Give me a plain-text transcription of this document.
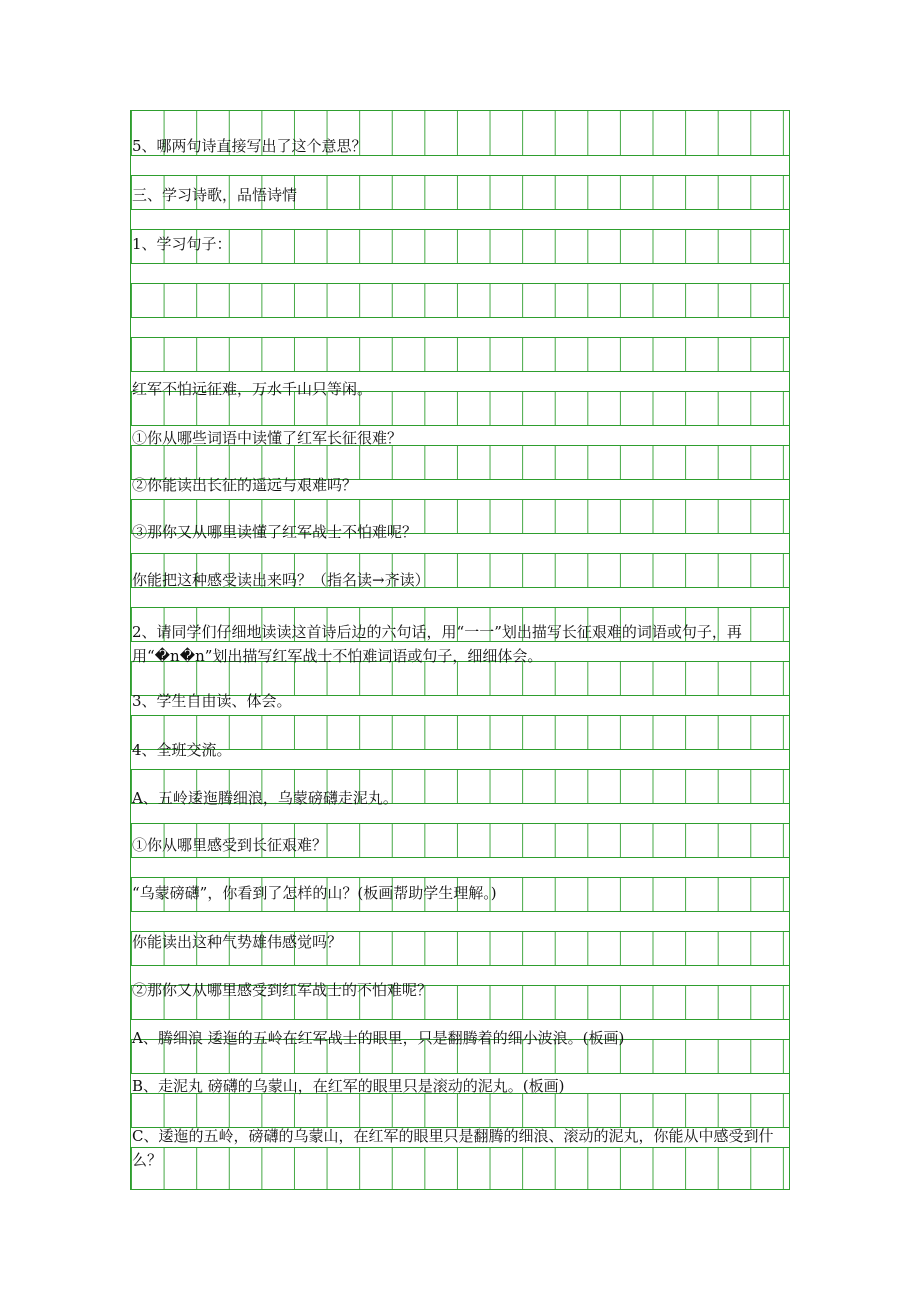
5、哪两句诗直接写出了这个意思？
三、学习诗歌，品悟诗情
1、学习句子：
红军不怕远征难，万水千山只等闲。
①你从哪些词语中读懂了红军长征很难？
②你能读出长征的遥远与艰难吗？
③那你又从哪里读懂了红军战士不怕难呢？
你能把这种感受读出来吗？（指名读→齐读）
2、请同学们仔细地读读这首诗后边的六句话，用“一一”划出描写长征艰难的词语或句子，再用“�n�n”划出描写红军战士不怕难词语或句子，细细体会。
3、学生自由读、体会。
4、全班交流。
A、五岭逶迤腾细浪，乌蒙磅礴走泥丸。
①你从哪里感受到长征艰难？
“乌蒙磅礴”，你看到了怎样的山？(板画帮助学生理解。)
你能读出这种气势雄伟感觉吗？
②那你又从哪里感受到红军战士的不怕难呢？
A、腾细浪 逶迤的五岭在红军战士的眼里，只是翻腾着的细小波浪。(板画)
B、走泥丸 磅礴的乌蒙山，在红军的眼里只是滚动的泥丸。(板画)
C、逶迤的五岭，磅礴的乌蒙山，在红军的眼里只是翻腾的细浪、滚动的泥丸，你能从中感受到什么？
